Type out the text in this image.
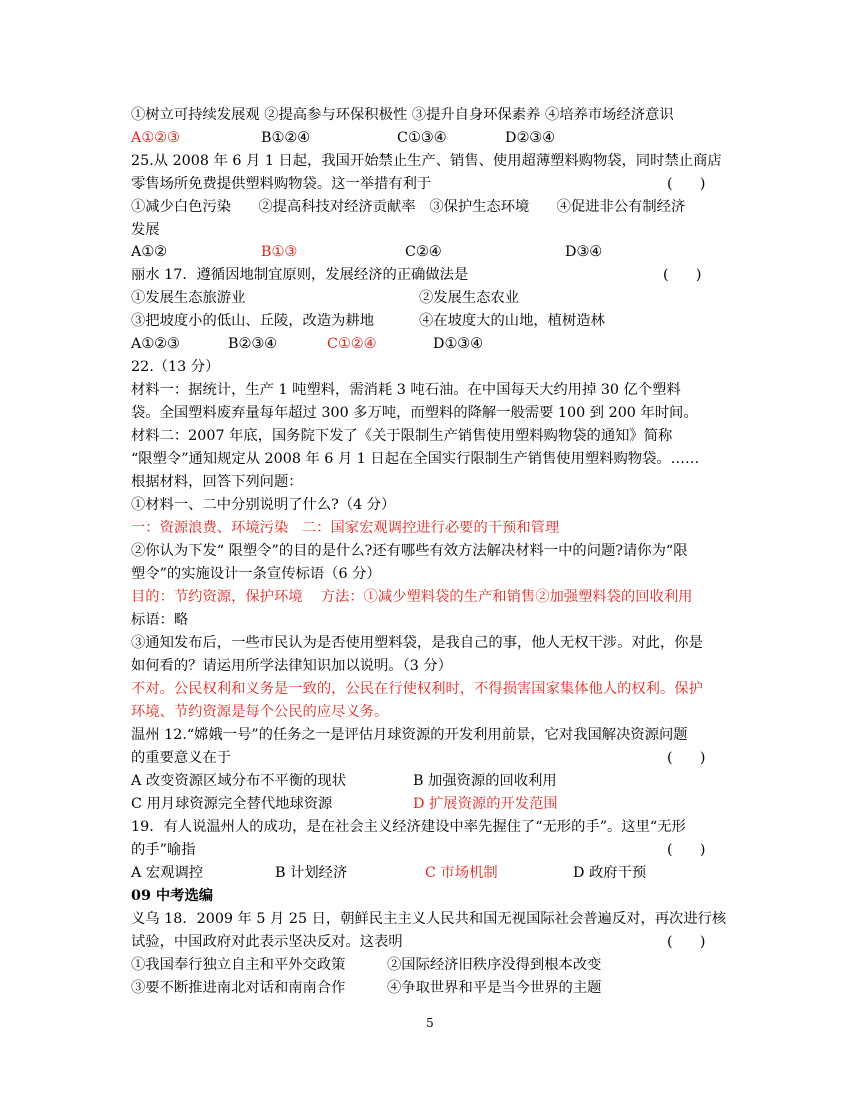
①树立可持续发展观 ②提高参与环保积极性 ③提升自身环保素养 ④培养市场经济意识
A①②③	B①②④	C①③④	D②③④
25.从 2008 年 6 月 1 日起，我国开始禁止生产、销售、使用超薄塑料购物袋，同时禁止商店
零售场所免费提供塑料购物袋。这一举措有利于	(      )
①减少白色污染      ②提高科技对经济贡献率   ③保护生态环境      ④促进非公有制经济
发展
A①②	B①③	C②④	D③④
丽水 17．遵循因地制宜原则，发展经济的正确做法是	(      )
①发展生态旅游业	②发展生态农业
③把坡度小的低山、丘陵，改造为耕地	④在坡度大的山地，植树造林
A①②③	B②③④	C①②④	D①③④
22.（13 分）
材料一：据统计，生产 1 吨塑料，需消耗 3 吨石油。在中国每天大约用掉 30 亿个塑料
袋。全国塑料废弃量每年超过 300 多万吨，而塑料的降解一般需要 100 到 200 年时间。
材料二：2007 年底，国务院下发了《关于限制生产销售使用塑料购物袋的通知》简称
“限塑令”通知规定从 2008 年 6 月 1 日起在全国实行限制生产销售使用塑料购物袋。……
根据材料，回答下列问题：
①材料一、二中分别说明了什么?（4 分）
一：资源浪费、环境污染   二：国家宏观调控进行必要的干预和管理
②你认为下发“ 限塑令”的目的是什么?还有哪些有效方法解决材料一中的问题?请你为“限
塑令”的实施设计一条宣传标语（6 分）
目的：节约资源，保护环境    方法：①减少塑料袋的生产和销售②加强塑料袋的回收利用
标语：略
③通知发布后，一些市民认为是否使用塑料袋，是我自己的事，他人无权干涉。对此，你是
如何看的？请运用所学法律知识加以说明。（3 分）
不对。公民权利和义务是一致的，公民在行使权利时，不得损害国家集体他人的权利。保护
环境、节约资源是每个公民的应尽义务。
温州 12.“嫦娥一号”的任务之一是评估月球资源的开发利用前景，它对我国解决资源问题
的重要意义在于	(      )
A 改变资源区域分布不平衡的现状	B 加强资源的回收利用
C 用月球资源完全替代地球资源	D 扩展资源的开发范围
19．有人说温州人的成功，是在社会主义经济建设中率先握住了“无形的手”。这里“无形
的手”喻指	(      )
A 宏观调控	B 计划经济	C 市场机制	D 政府干预
09 中考选编
义乌 18．2009 年 5 月 25 日，朝鲜民主主义人民共和国无视国际社会普遍反对，再次进行核
试验，中国政府对此表示坚决反对。这表明	(      )
①我国奉行独立自主和平外交政策	②国际经济旧秩序没得到根本改变
③要不断推进南北对话和南南合作	④争取世界和平是当今世界的主题
5
